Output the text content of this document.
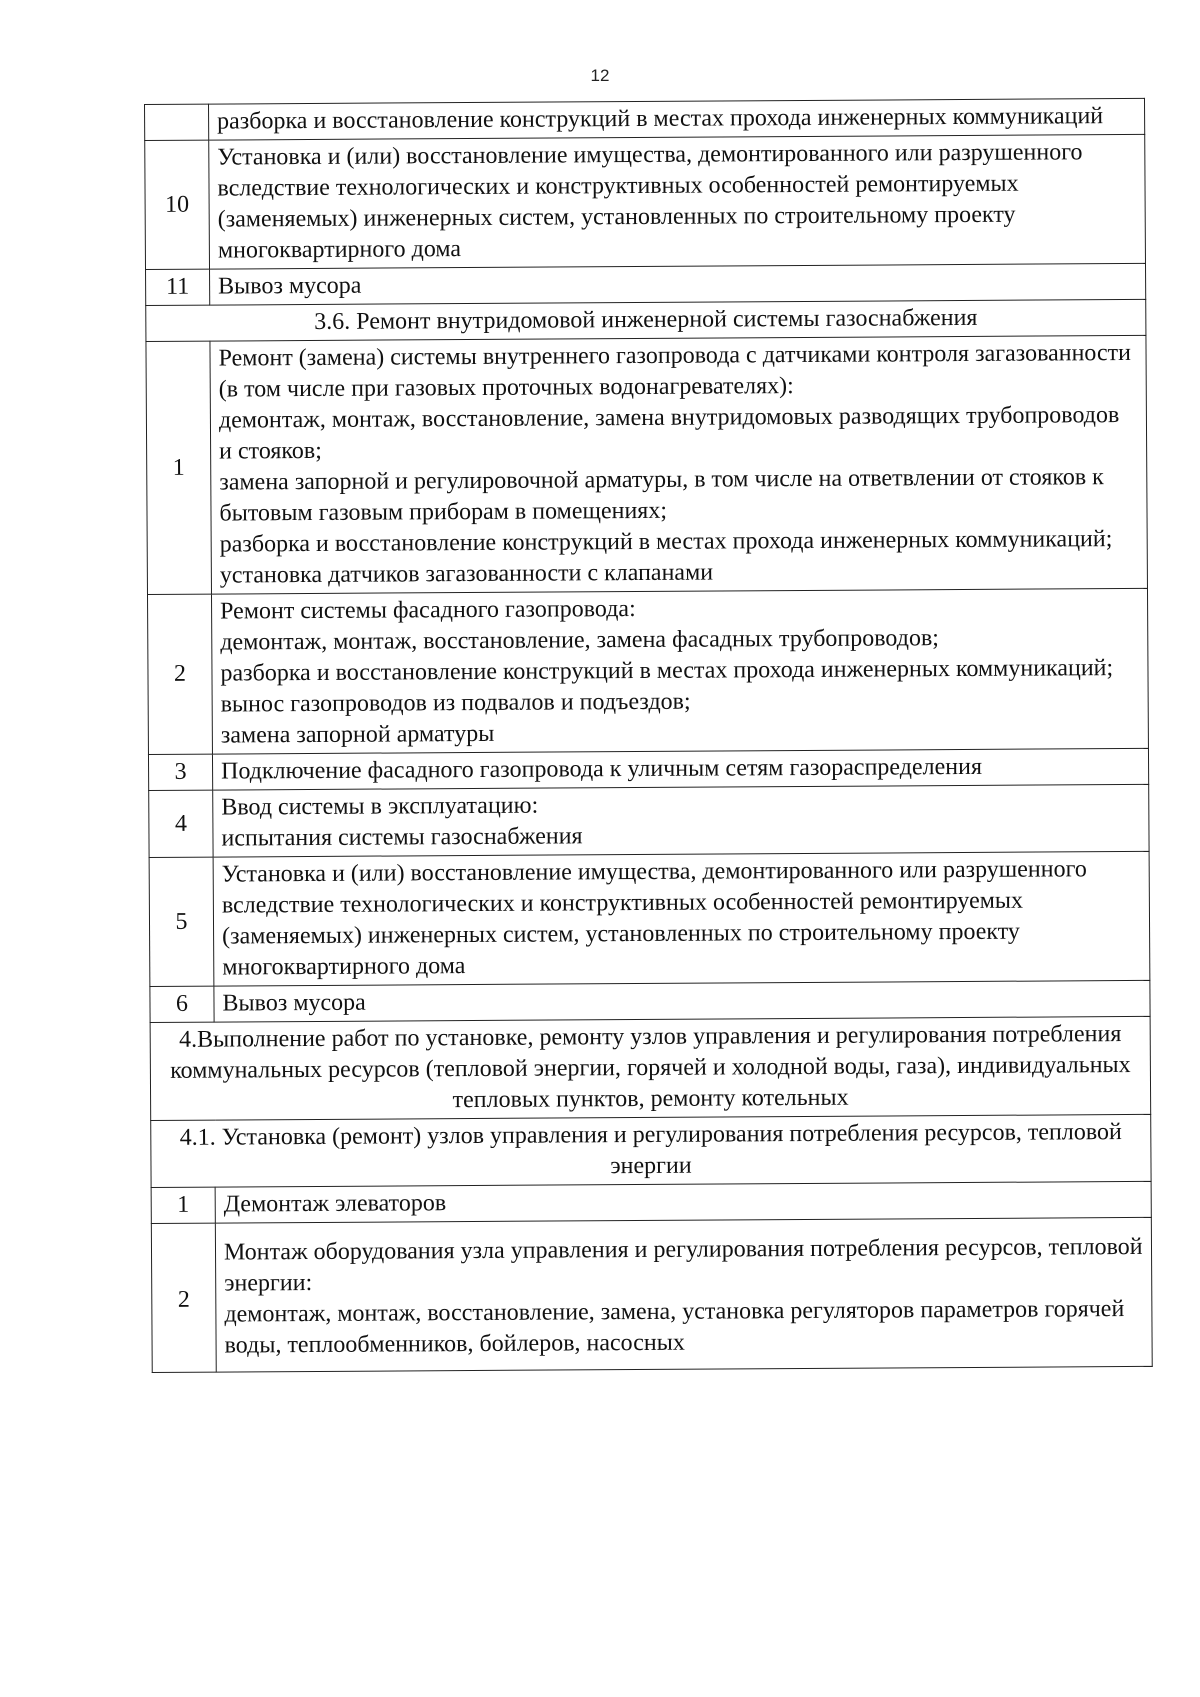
12
	разборка и восстановление конструкций в местах прохода инженерных коммуникаций
10	Установка и (или) восстановление имущества, демонтированного или разрушенного вследствие технологических и конструктивных особенностей ремонтируемых (заменяемых) инженерных систем, установленных по строительному проекту многоквартирного дома
11	Вывоз мусора
3.6. Ремонт внутридомовой инженерной системы газоснабжения	
1	Ремонт (замена) системы внутреннего газопровода с датчиками контроля загазованности (в том числе при газовых проточных водонагревателях):
демонтаж, монтаж, восстановление, замена внутридомовых разводящих трубопроводов и стояков;
замена запорной и регулировочной арматуры, в том числе на ответвлении от стояков к бытовым газовым приборам в помещениях;
разборка и восстановление конструкций в местах прохода инженерных коммуникаций;
установка датчиков загазованности с клапанами
2	Ремонт системы фасадного газопровода:
демонтаж, монтаж, восстановление, замена фасадных трубопроводов;
разборка и восстановление конструкций в местах прохода инженерных коммуникаций;
вынос газопроводов из подвалов и подъездов;
замена запорной арматуры
3	Подключение фасадного газопровода к уличным сетям газораспределения
4	Ввод системы в эксплуатацию:
испытания системы газоснабжения
5	Установка и (или) восстановление имущества, демонтированного или разрушенного вследствие технологических и конструктивных особенностей ремонтируемых (заменяемых) инженерных систем, установленных по строительному проекту многоквартирного дома
6	Вывоз мусора
4.Выполнение работ по установке, ремонту узлов управления и регулирования потребления коммунальных ресурсов (тепловой энергии, горячей и холодной воды, газа), индивидуальных тепловых пунктов, ремонту котельных	
4.1. Установка (ремонт) узлов управления и регулирования потребления ресурсов, тепловой энергии	
1	Демонтаж элеваторов
2	Монтаж оборудования узла управления и регулирования потребления ресурсов, тепловой энергии:
демонтаж, монтаж, восстановление, замена, установка регуляторов параметров горячей воды, теплообменников, бойлеров, насосных
